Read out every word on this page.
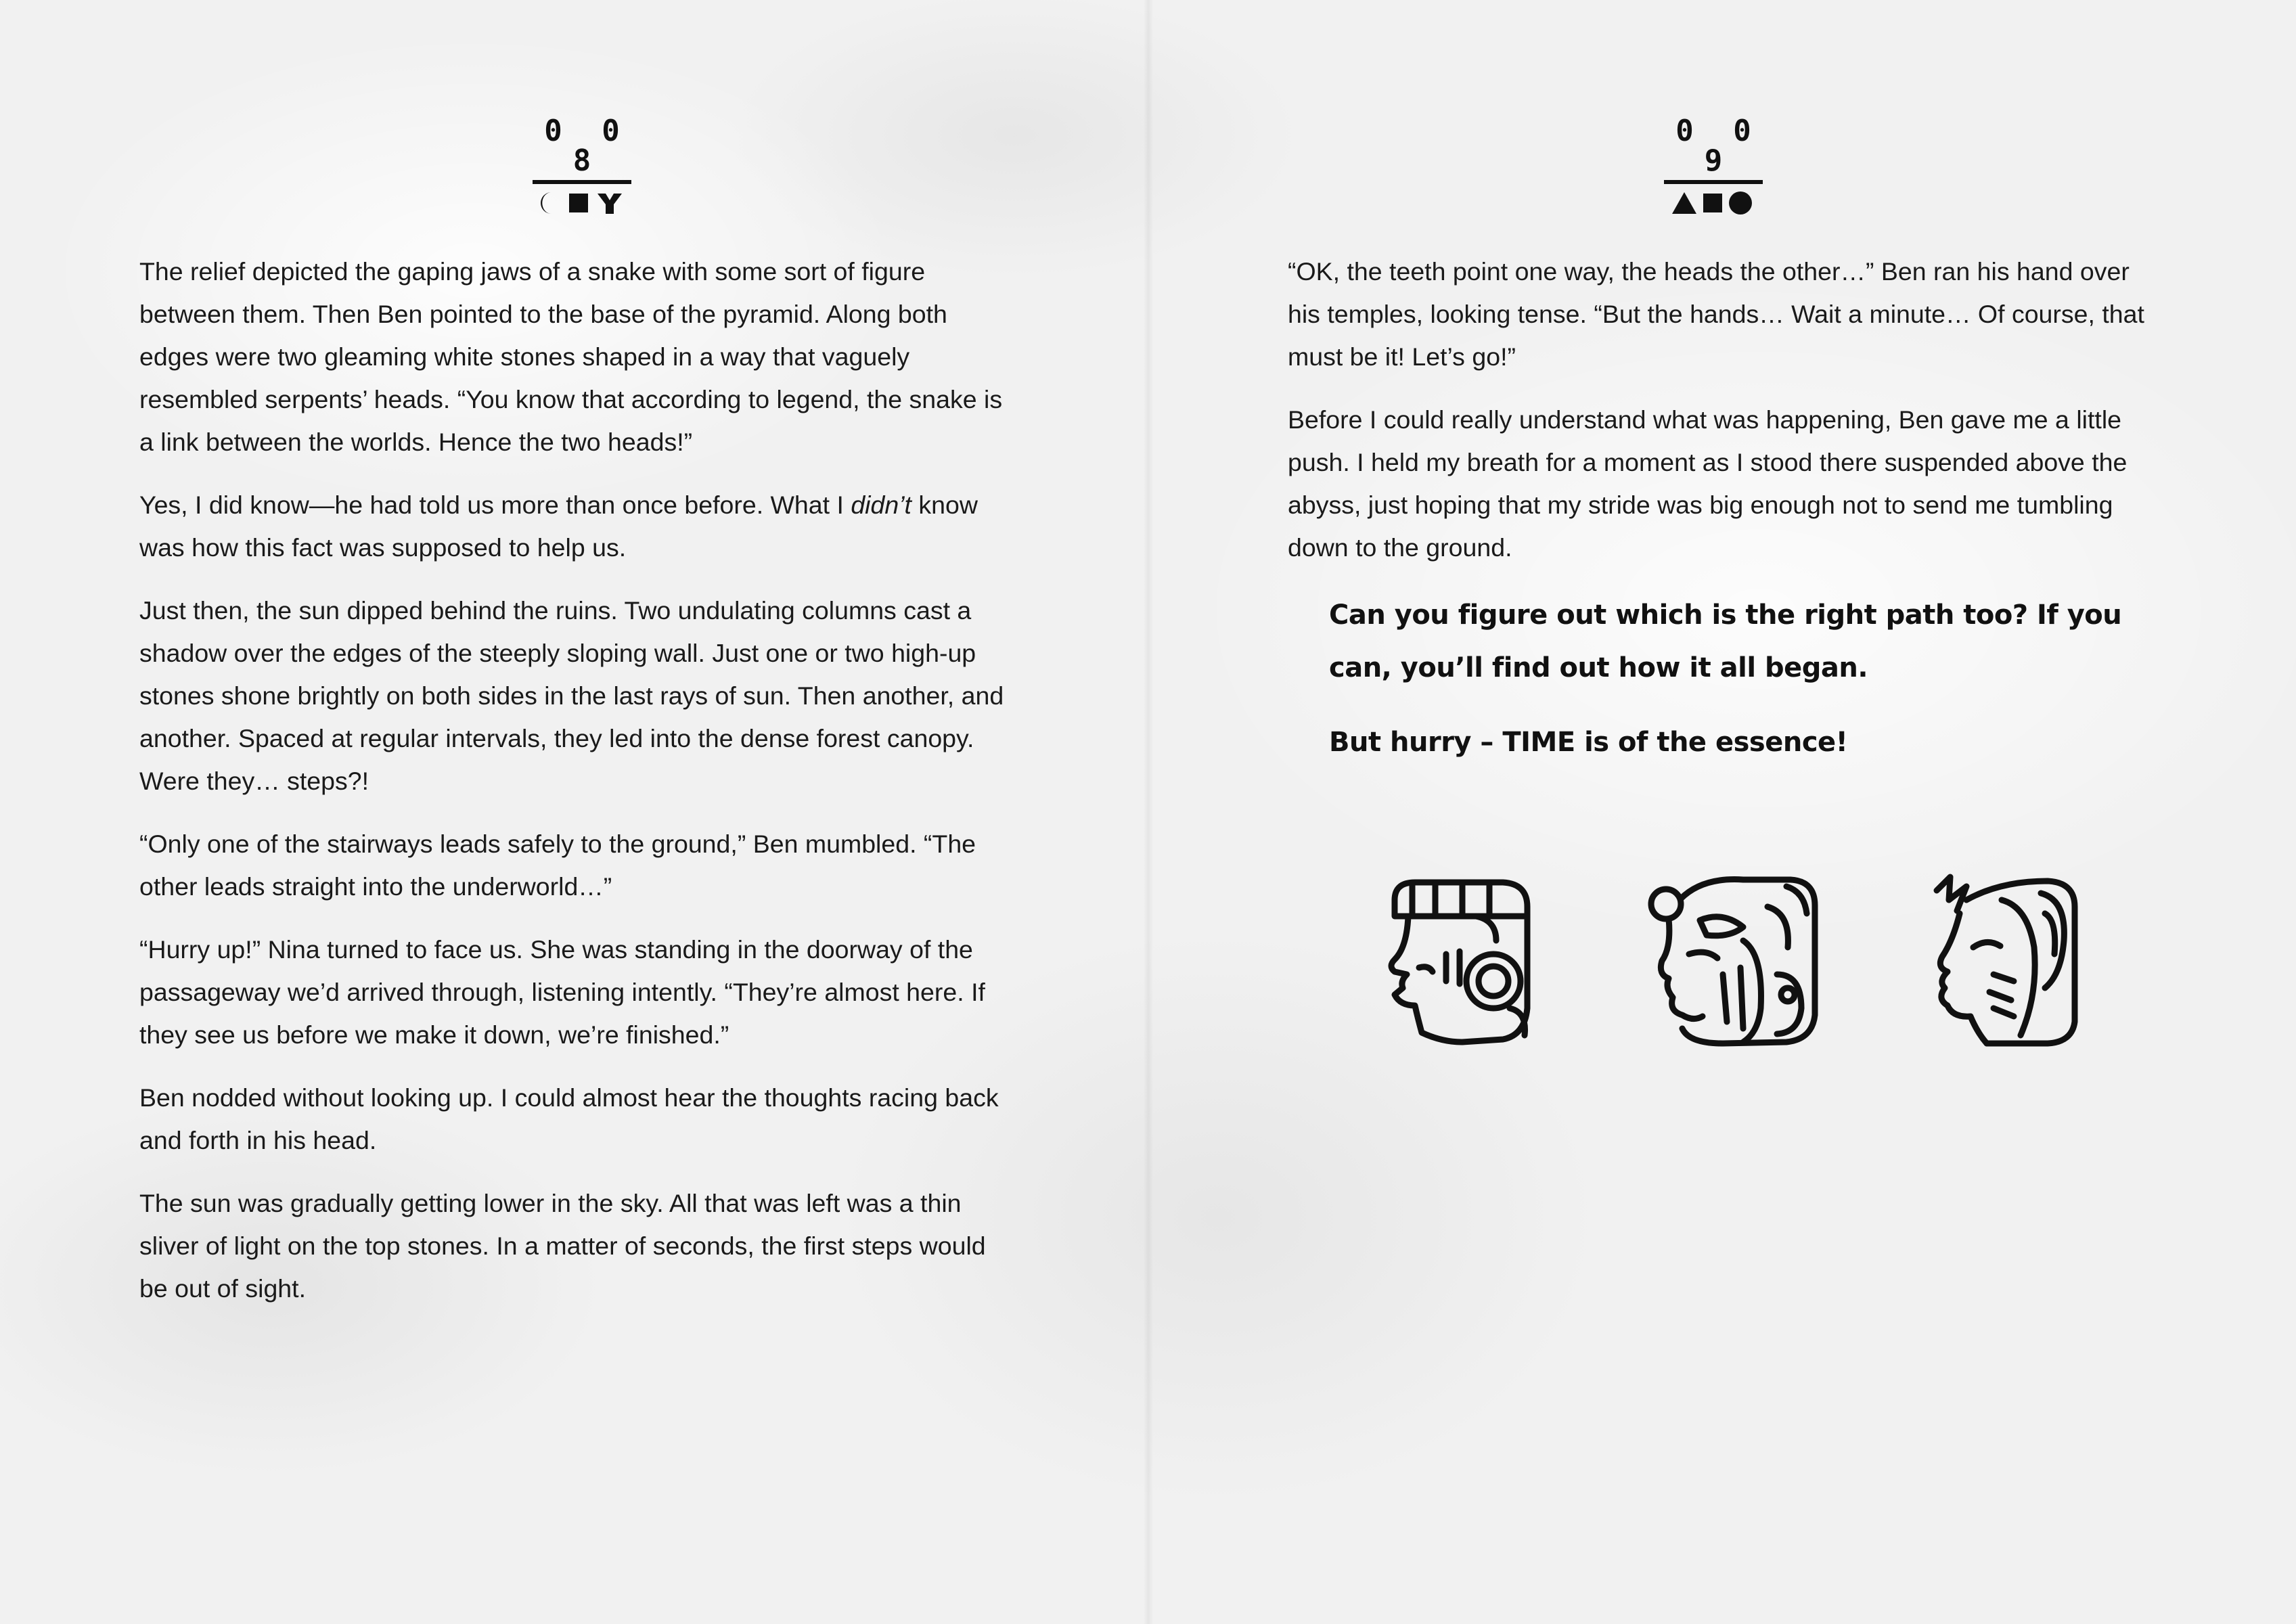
0 0 8

The relief depicted the gaping jaws of a snake with some sort of figure between them. Then Ben pointed to the base of the pyramid. Along both edges were two gleaming white stones shaped in a way that vaguely resembled serpents’ heads. “You know that according to legend, the snake is a link between the worlds. Hence the two heads!”

Yes, I did know—he had told us more than once before. What I didn’t know was how this fact was supposed to help us.

Just then, the sun dipped behind the ruins. Two undulating columns cast a shadow over the edges of the steeply sloping wall. Just one or two high-up stones shone brightly on both sides in the last rays of sun. Then another, and another. Spaced at regular intervals, they led into the dense forest canopy. Were they… steps?!

“Only one of the stairways leads safely to the ground,” Ben mumbled. “The other leads straight into the underworld…”

“Hurry up!” Nina turned to face us. She was standing in the doorway of the passageway we’d arrived through, listening intently. “They’re almost here. If they see us before we make it down, we’re finished.”

Ben nodded without looking up. I could almost hear the thoughts racing back and forth in his head.

The sun was gradually getting lower in the sky. All that was left was a thin sliver of light on the top stones. In a matter of seconds, the first steps would be out of sight.

0 0 9

“OK, the teeth point one way, the heads the other…” Ben ran his hand over his temples, looking tense. “But the hands… Wait a minute… Of course, that must be it! Let’s go!”

Before I could really understand what was happening, Ben gave me a little push. I held my breath for a moment as I stood there suspended above the abyss, just hoping that my stride was big enough not to send me tumbling down to the ground.

Can you figure out which is the right path too? If you can, you’ll find out how it all began.

But hurry – TIME is of the essence!
